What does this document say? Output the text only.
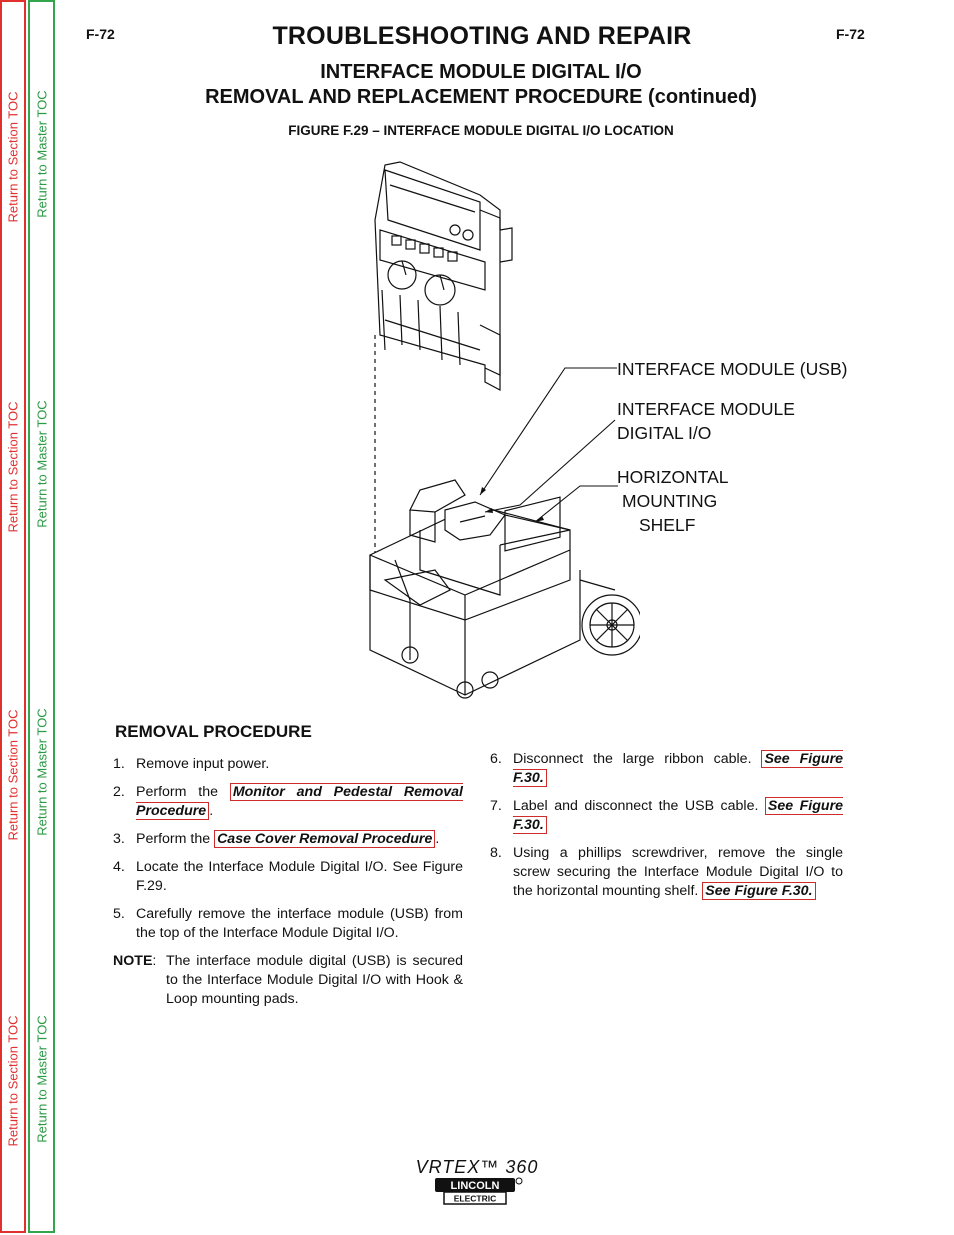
Return to Section TOC
Return to Section TOC
Return to Section TOC
Return to Section TOC
Return to Master TOC
Return to Master TOC
Return to Master TOC
Return to Master TOC
F-72	F-72
TROUBLESHOOTING AND REPAIR
INTERFACE MODULE DIGITAL I/O
REMOVAL AND REPLACEMENT PROCEDURE (continued)
FIGURE F.29 – INTERFACE MODULE DIGITAL I/O LOCATION
INTERFACE MODULE (USB)
INTERFACE MODULE
DIGITAL I/O
HORIZONTAL
MOUNTING
SHELF
REMOVAL PROCEDURE
1. Remove input power.
2. Perform the Monitor and Pedestal Removal Procedure .
3. Perform the Case Cover Removal Procedure .
4. Locate the Interface Module Digital I/O. See Figure F.29.
5. Carefully remove the interface module (USB) from the top of the Interface Module Digital I/O.
NOTE: The interface module digital (USB) is secured to the Interface Module Digital I/O with Hook & Loop mounting pads.
6. Disconnect the large ribbon cable. See Figure F.30.
7. Label and disconnect the USB cable. See Figure F.30.
8. Using a phillips screwdriver, remove the single screw securing the Interface Module Digital I/O to the horizontal mounting shelf. See Figure F.30.
VRTEX™ 360
LINCOLN
ELECTRIC
